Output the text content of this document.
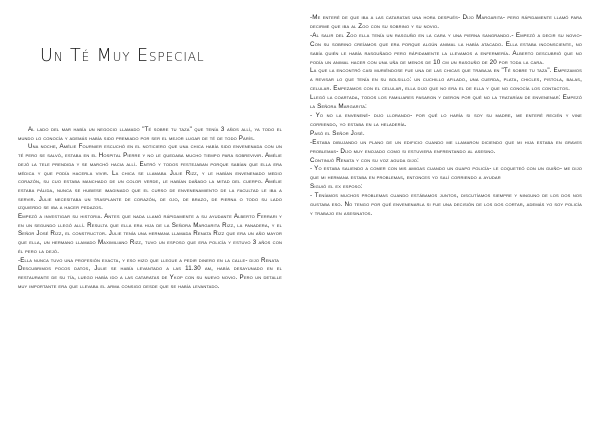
Un Té Muy Especial

Al lado del mar había un negocio llamado "Té sobre tu taza" que tenía 3 años allí, ya todo el mundo lo conocía y además había sido premiado por ser el mejor lugar de té de todo París.

Una noche, Amélie Fournier escuchó en el noticiero que una chica había sido envenenada con un té pero se salvó, estaba en el Hospital Pierre y no le quedaba mucho tiempo para sobrevivir. Amélie dejó la tele prendida y se marchó hacia allí. Entró y todos festejaban porque sabían que ella era médica y que podía hacerla vivir. La chica se llamaba Julie Rizz, y le habían envenenado medio corazón, su cuo estaba manchado de un color verde, le habían dañado la mitad del cuerpo. Amélie estaba pálida, nunca se hubiese imaginado que el curso de envenenamiento de la facultad le iba a servir. Julie necesitaba un trasplante de corazón, de ojo, de brazo, de pierna o todo su lado izquierdo se iba a hacer pedazos.

Empezó a investigar su historia. Antes que nada llamó rápidamente a su ayudante Alberto Ferrari y en un segundo llegó allí. Resulta que ella era hija de la Señora Margarita Rizz, la panadera, y el Señor José Rizz, el constructor. Julie tenía una hermana llamada Renata Rizz que era un año mayor que ella, un hermano llamado Maximiliano Rizz, tuvo un esposo que era policía y estuvo 3 años con él pero la dejó.

-Ella nunca tuvo una profesión exacta, y eso hizo que llegue a pedir dinero en la calle- dijo Renata

Descubrimos pocos datos, Julie se había levantado a las 11.30 am, había desayunado en el restaurante de su tía, luego había ido a las cataratas de Ykop con su nuevo novio. Pero un detalle muy importante era que llevaba el arma consigo desde que se había levantado.

-Me enteré de que iba a las cataratas una hora después- Dijo Margarita- pero rápidamente llamó para decirme que iba al Zoo con su sobrino y su novio.

-Al salir del Zoo ella tenía un rasguño en la cara y una pierna sangrando.- Empezó a decir su novio- Con su sobrino creíamos que era porque algún animal la había atacado. Ella estaba inconsciente, no sabía quién le había rasguñado pero rápidamente la llevamos a enfermería. Alberto descubrió que no podía un animal hacer con una uña de menos de 10 cm un rasguño de 20 por toda la cara.

La que la encontró casi muriéndose fue una de las chicas que trabaja en "Té sobre tu taza". Empezamos a revisar lo que tenía en su bolsillo: un cuchillo afilado, una cuerda, plata, chicles, pistola, balas, celular. Empezamos con el celular, ella dijo que no era el de ella y que no conocía los contactos.

Llegó la coartada, todos los familiares pasaron y dieron por qué no la tratarían de envenenar: Empezó la Señora Margarita:

- Yo no la envenené- dijo llorando- por qué lo haría si soy su madre, me enteré recién y vine corriendo, yo estaba en la heladería.

Pasó el Señor José.

-Estaba dibujando un plano de un edificio cuando me llamaron diciendo que mi hija estaba en graves problemas- Dijo muy enojado como si estuviera enfrentando al asesino.

Continuó Renata y con su voz aguda dijo:

- Yo estaba saliendo a comer con mis amigas cuando un guapo policía- le coqueteó con un guiño- me dijo que mi hermana estaba en problemas, entonces yo salí corriendo a ayudar

Siguió el ex esposo:

- Teníamos muchos problemas cuando estábamos juntos, discutíamos siempre y ninguno de los dos nos gustaba eso. No tengo por qué envenenarla si fue una decisión de los dos cortar, además yo soy policía y trabajo en asesinatos.
